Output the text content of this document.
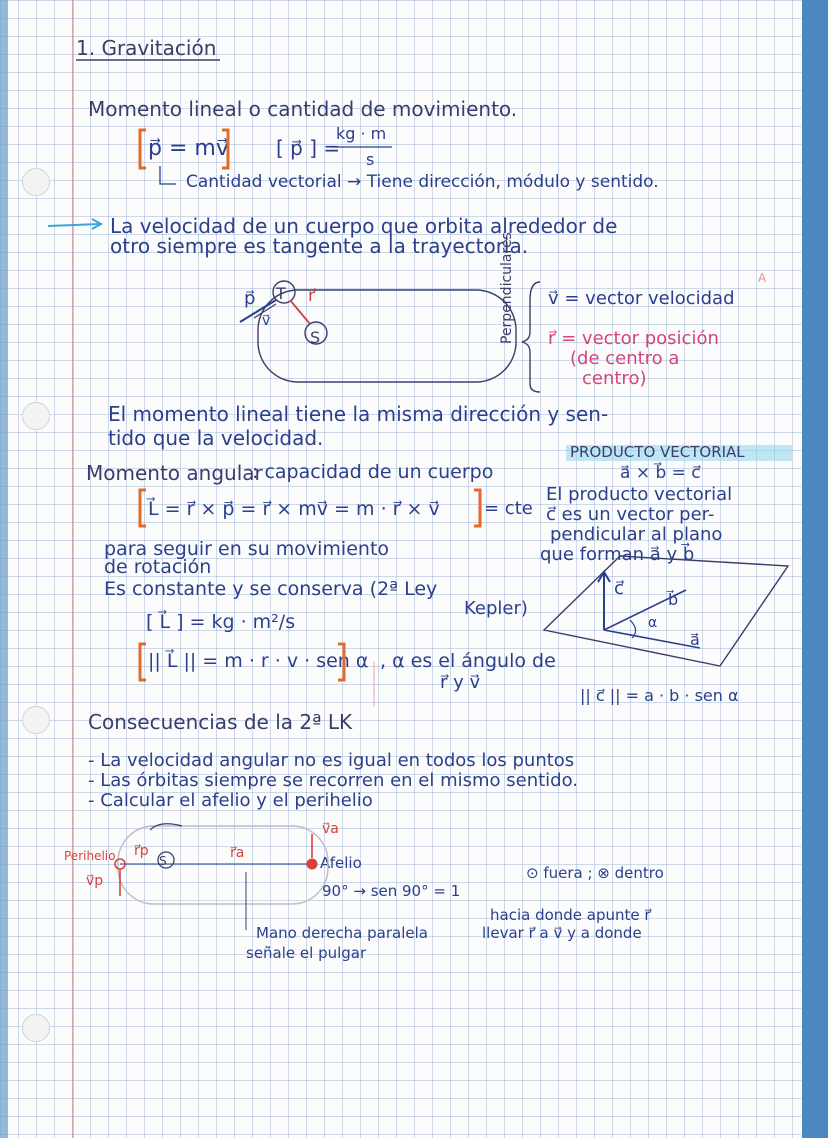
1. Gravitación
Momento lineal o cantidad de movimiento.
p⃗ = mv⃗ [ p⃗ ] =
kg · m
s
Cantidad vectorial → Tiene dirección, módulo y sentido.
La velocidad de un cuerpo que orbita alrededor de
otro siempre es tangente a la trayectoria.
p⃗ T r⃗
v⃗
S	Perpendiculares v⃗ = vector velocidad
r⃗ = vector posición
(de centro a
centro)
A
El momento lineal tiene la misma dirección y sen-
tido que la velocidad.
Momento angular
: capacidad de un cuerpo
L⃗ = r⃗ × p⃗ = r⃗ × mv⃗ = m · r⃗ × v⃗ = cte
para seguir en su movimiento
de rotación
Es constante y se conserva (2ª Ley
Kepler)
[ L⃗ ] = kg · m²/s
|| L⃗ || = m · r · v · sen α , α es el ángulo de
r⃗ y v⃗
PRODUCTO VECTORIAL
a⃗ × b⃗ = c⃗
El producto vectorial
c⃗ es un vector per-
pendicular al plano
que forman a⃗ y b⃗
c⃗
b⃗
α
a⃗
|| c⃗ || = a · b · sen α
Consecuencias de la 2ª LK
- La velocidad angular no es igual en todos los puntos
- Las órbitas siempre se recorren en el mismo sentido.
- Calcular el afelio y el perihelio
Perihelio r⃗p
v⃗p
S	r⃗a
v⃗a
Afelio
90° → sen 90° = 1
⊙ fuera ; ⊗ dentro
hacia donde apunte r⃗
llevar r⃗ a v⃗ y a donde
Mano derecha paralela
señale el pulgar
